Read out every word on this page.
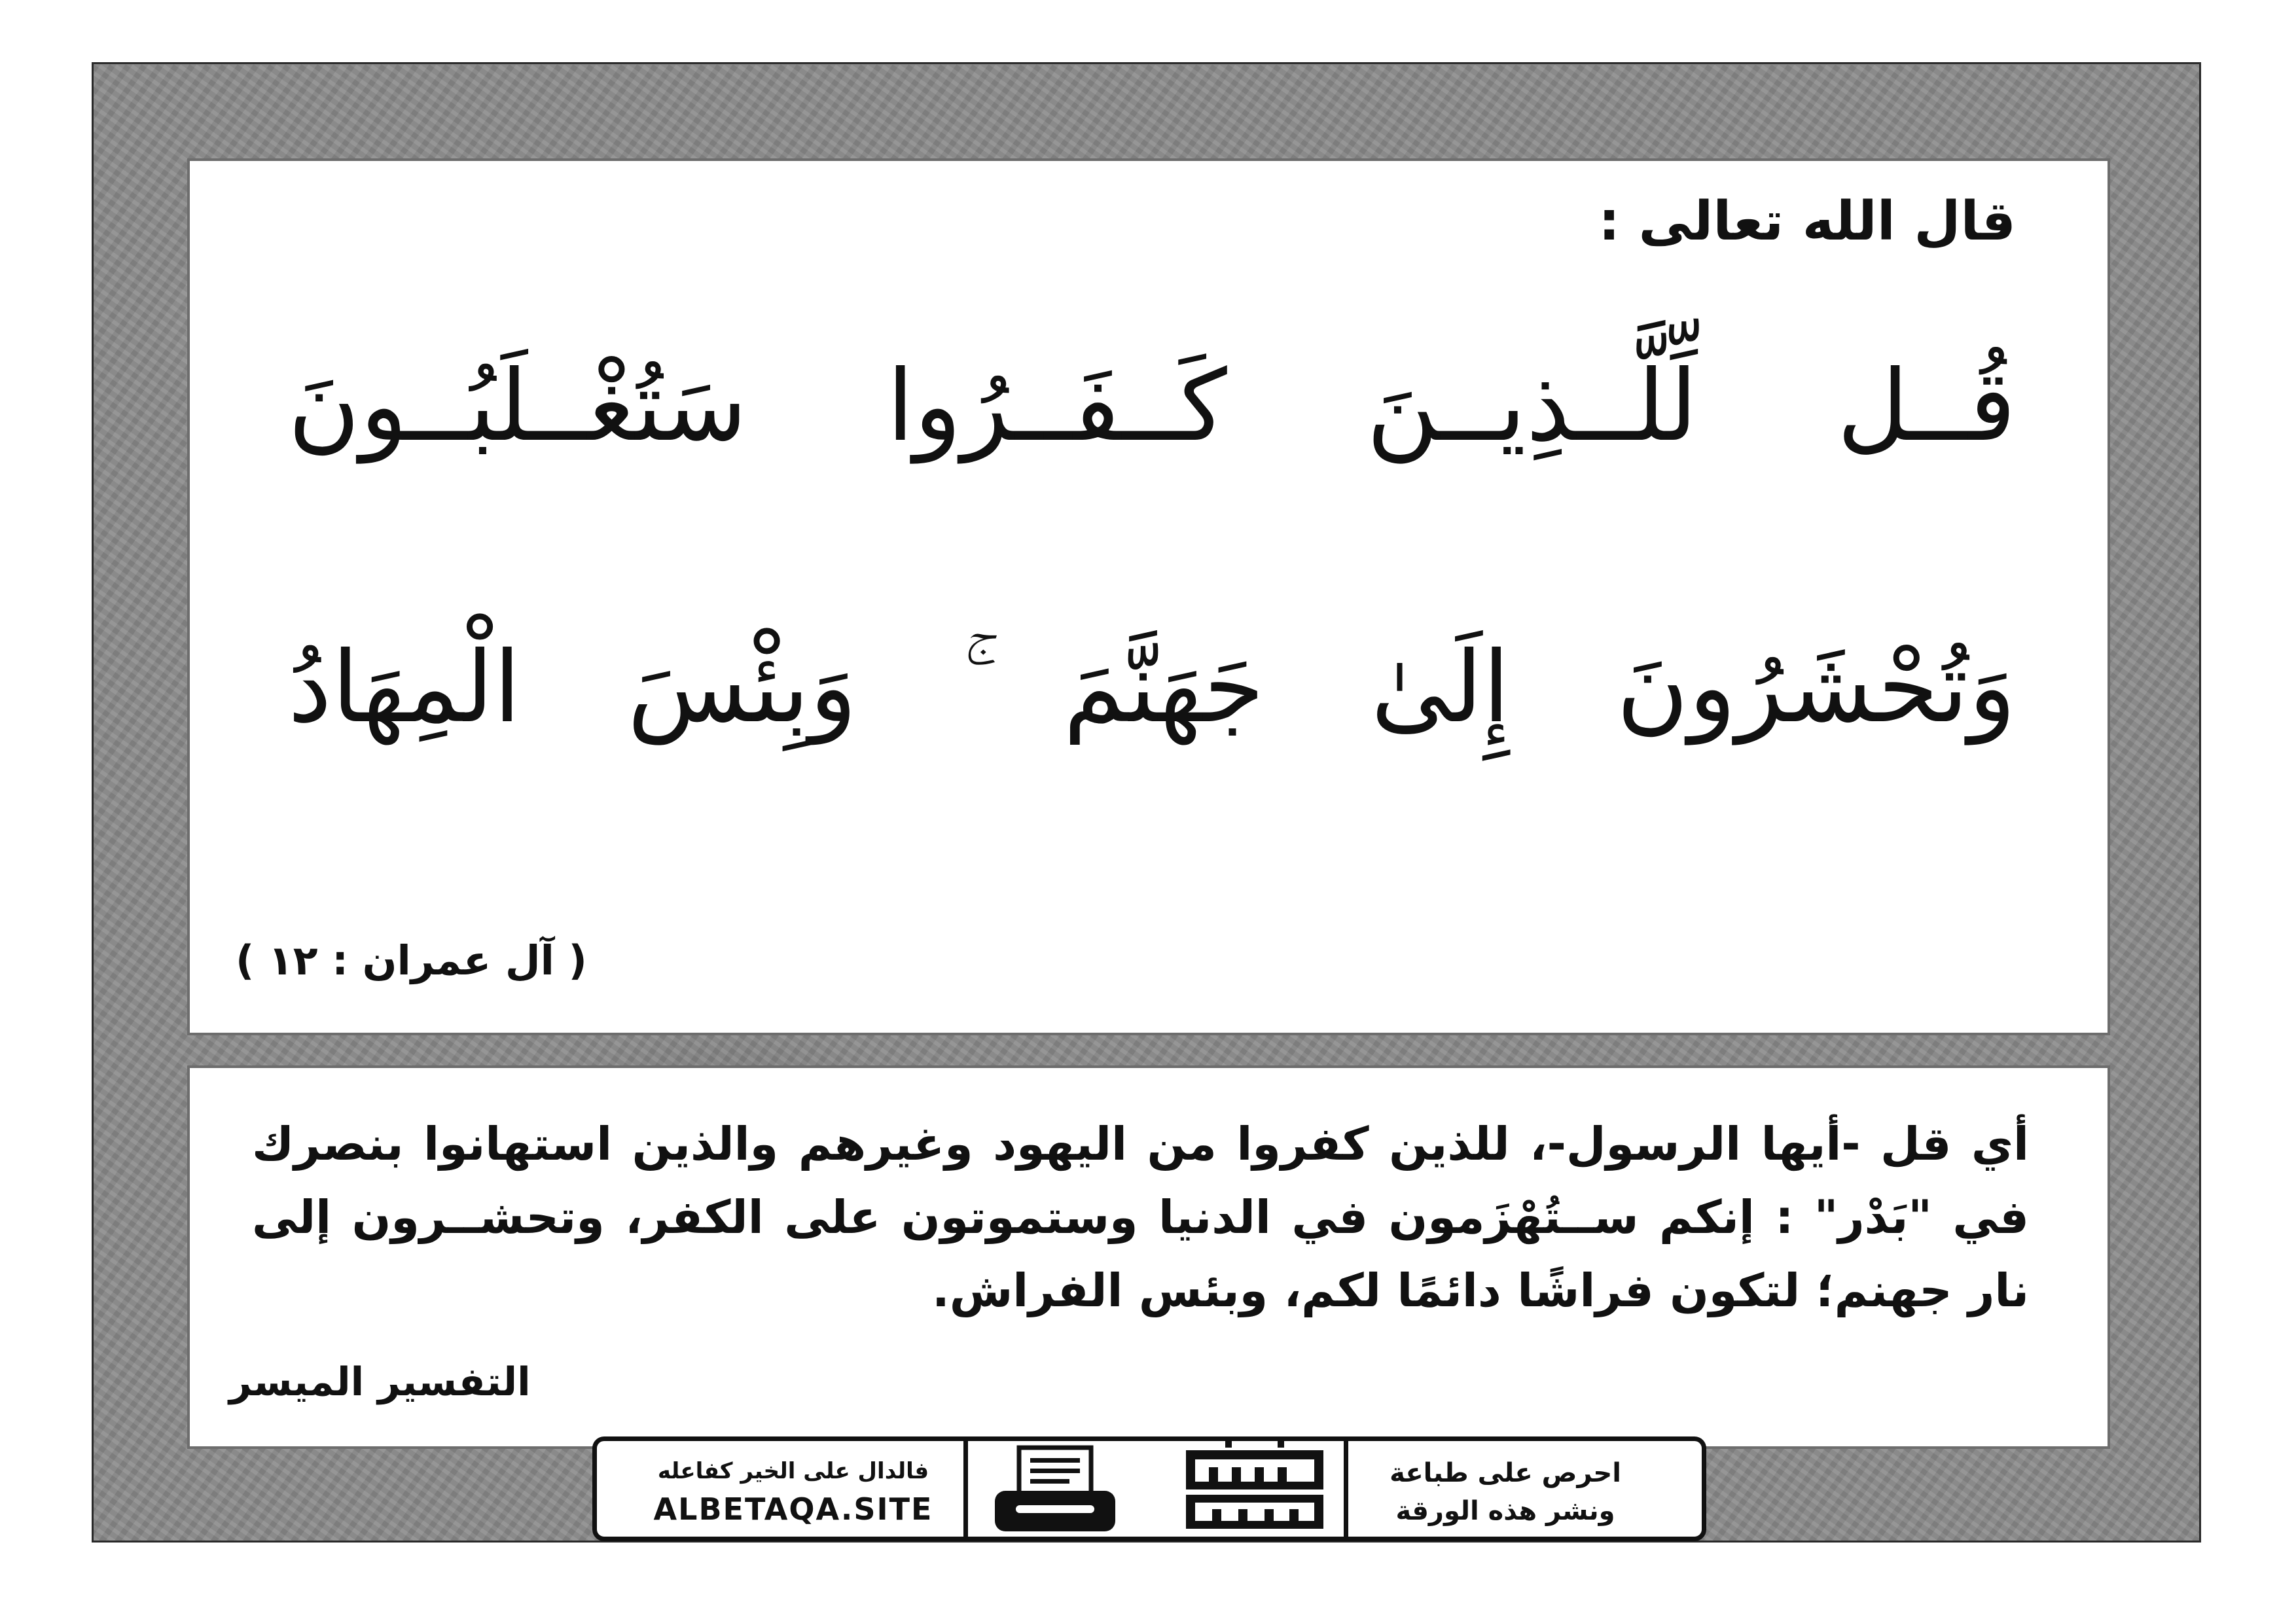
قال الله تعالى :
قُــل لِّلَّــذِيــنَ كَــفَــرُوا سَتُغْــلَبُــونَ
وَتُحْشَرُونَ إِلَىٰ جَهَنَّمَ ۚ وَبِئْسَ الْمِهَادُ
( آل عمران : ١٢ )
أي قل -أيها الرسول-، للذين كفروا من اليهود وغيرهم والذين استهانوا بنصرك في "بَدْر" : إنكم ســتُهْزَمون في الدنيا وستموتون على الكفر، وتحشــرون إلى نار جهنم؛ لتكون فراشًا دائمًا لكم، وبئس الفراش.
التفسير الميسر
احرص على طباعة
ونشر هذه الورقة
فالدال على الخير كفاعله
ALBETAQA.SITE
